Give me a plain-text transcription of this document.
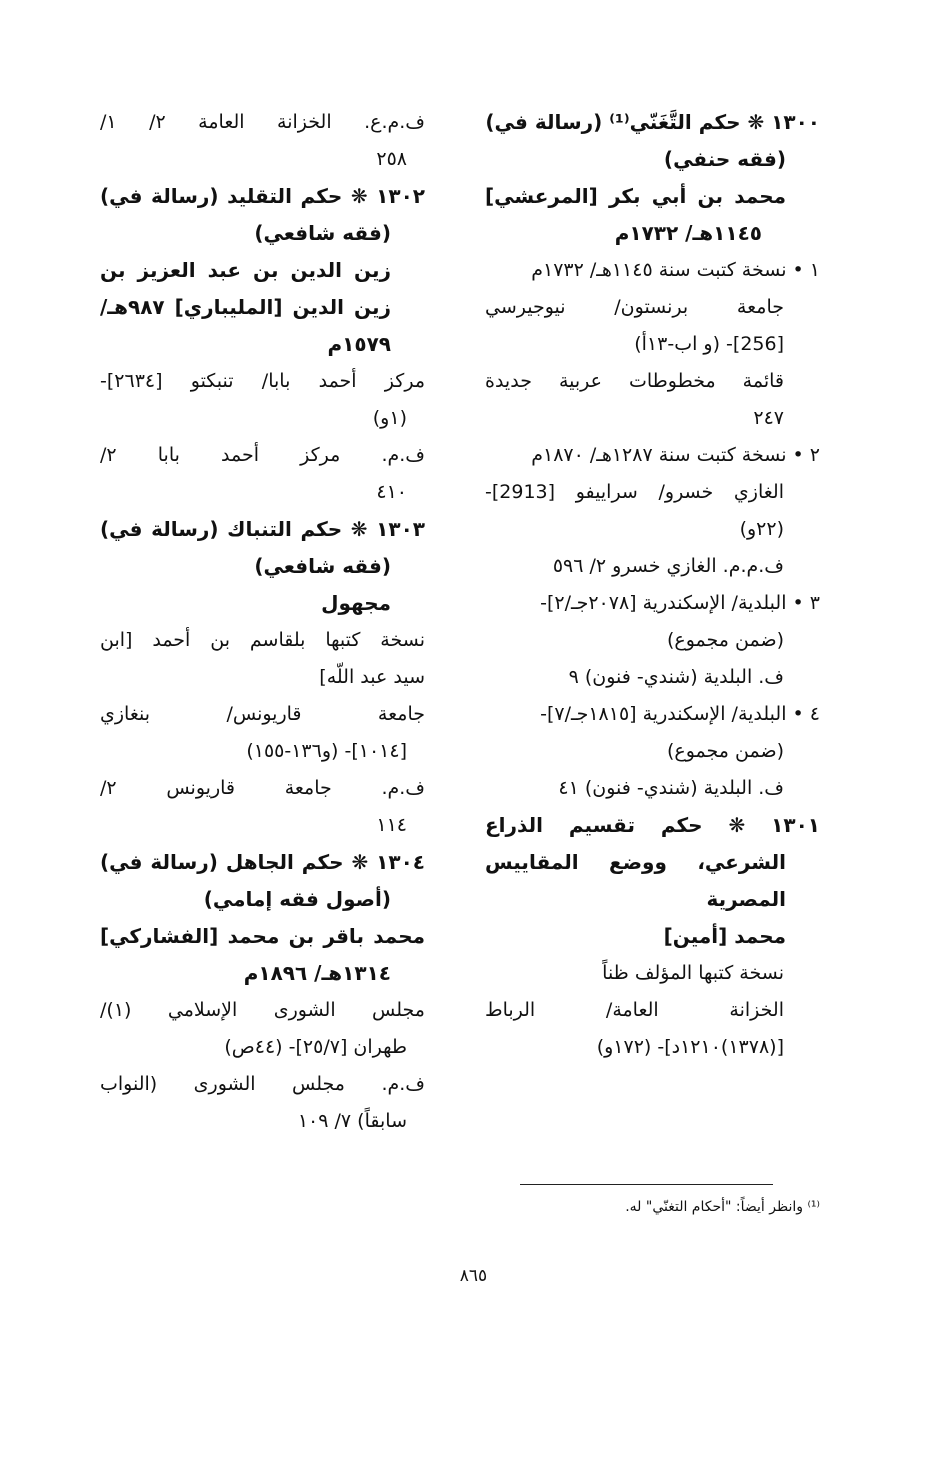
١٣٠٠ ❋ حكم التَّغَنّي⁽¹⁾ (رسالة في)
(فقه حنفي)
محمد بن أبي بكر [المرعشي]
١١٤٥هـ/ ١٧٣٢م
١ • نسخة كتبت سنة ١١٤٥هـ/ ١٧٣٢م
جامعة برنستون/ نيوجيرسي
[256]- (و اب-١٣أ)
قائمة مخطوطات عربية جديدة
٢٤٧
٢ • نسخة كتبت سنة ١٢٨٧هـ/ ١٨٧٠م
الغازي خسرو/ سراييفو [2913]-
(٢٢و)
ف.م.م. الغازي خسرو ٢/ ٥٩٦
٣ • البلدية/ الإسكندرية [٢٠٧٨جـ/٢]-
(ضمن مجموع)
ف. البلدية (شندي- فنون) ٩
٤ • البلدية/ الإسكندرية [١٨١٥جـ/٧]-
(ضمن مجموع)
ف. البلدية (شندي- فنون) ٤١
١٣٠١ ❋ حكم تقسيم الذراع
الشرعي، ووضع المقاييس
المصرية
محمد [أمين]
نسخة كتبها المؤلف ظناً
الخزانة العامة/ الرباط
[(١٣٧٨)١٢١٠د]- (١٧٢و)
ف.م.ع. الخزانة العامة ٢/ ١/
٢٥٨
١٣٠٢ ❋ حكم التقليد (رسالة في)
(فقه شافعي)
زين الدين بن عبد العزيز بن
زين الدين [المليباري] ٩٨٧هـ/
١٥٧٩م
مركز أحمد بابا/ تنبكتو [٢٦٣٤]-
(١و)
ف.م. مركز أحمد بابا ٢/
٤١٠
١٣٠٣ ❋ حكم التنباك (رسالة في)
(فقه شافعي)
مجهول
نسخة كتبها بلقاسم بن أحمد [ابن
سيد عبد اللّه]
جامعة قاريونس/ بنغازي
[١٠١٤]- (و١٣٦-١٥٥)
ف.م. جامعة قاريونس ٢/
١١٤
١٣٠٤ ❋ حكم الجاهل (رسالة في)
(أصول فقه إمامي)
محمد باقر بن محمد [الفشاركي]
١٣١٤هـ/ ١٨٩٦م
مجلس الشورى الإسلامي (١)/
طهران [٢٥/٧]- (٤٤ص)
ف.م. مجلس الشورى (النواب
سابقاً) ٧/ ١٠٩
⁽¹⁾ وانظر أيضاً: "أحكام التغنّي" له.
٨٦٥
